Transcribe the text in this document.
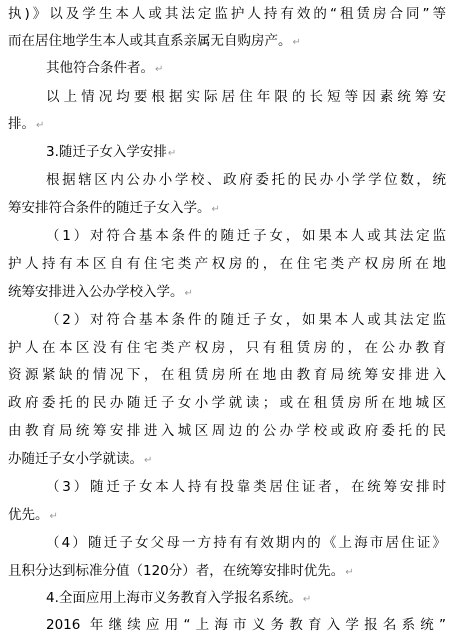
执)》以及学生本人或其法定监护人持有效的“租赁房合同”等
而在居住地学生本人或其直系亲属无自购房产。↵
其他符合条件者。↵
以上情况均要根据实际居住年限的长短等因素统筹安
排。↵
3.随迁子女入学安排↵
根据辖区内公办小学校、政府委托的民办小学学位数，统
筹安排符合条件的随迁子女入学。↵
（1）对符合基本条件的随迁子女，如果本人或其法定监
护人持有本区自有住宅类产权房的，在住宅类产权房所在地
统筹安排进入公办学校入学。↵
（2）对符合基本条件的随迁子女，如果本人或其法定监
护人在本区没有住宅类产权房，只有租赁房的，在公办教育
资源紧缺的情况下，在租赁房所在地由教育局统筹安排进入
政府委托的民办随迁子女小学就读；或在租赁房所在地城区
由教育局统筹安排进入城区周边的公办学校或政府委托的民
办随迁子女小学就读。↵
（3）随迁子女本人持有投靠类居住证者，在统筹安排时
优先。↵
（4）随迁子女父母一方持有有效期内的《上海市居住证》
且积分达到标准分值（120分）者，在统筹安排时优先。↵
4.全面应用上海市义务教育入学报名系统。↵
2016 年继续应用“上海市义务教育入学报名系统”
